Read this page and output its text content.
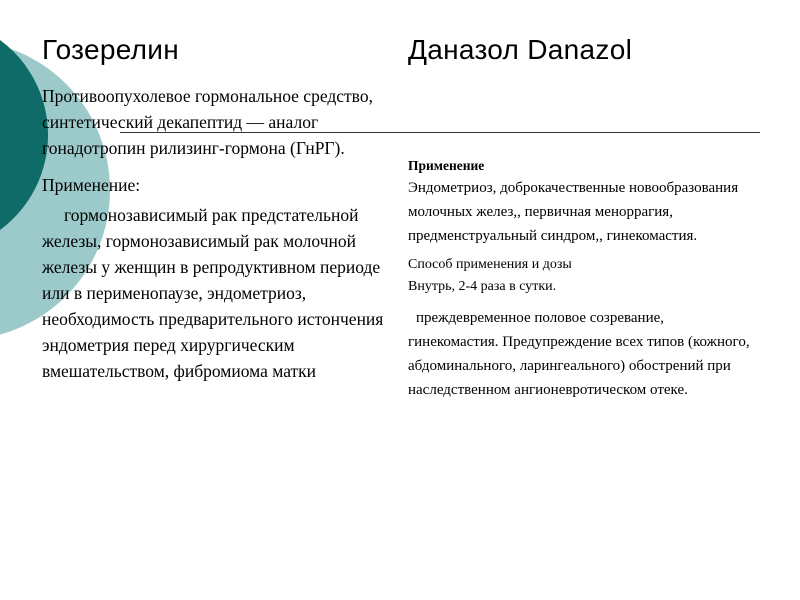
Гозерелин	Даназол Danazol

Противоопухолевое гормональное средство, синтетический декапептид — аналог гонадотропин рилизинг-гормона (ГнРГ).

Применение:

гормонозависимый рак предстательной железы, гормонозависимый рак молочной железы у женщин в репродуктивном периоде или в перименопаузе, эндометриоз, необходимость предварительного истончения эндометрия перед хирургическим вмешательством, фибромиома матки

Применение

Эндометриоз, доброкачественные новообразования молочных желез,, первичная меноррагия, предменструальный синдром,, гинекомастия.

Способ применения и дозы

Внутрь, 2-4 раза в сутки.

преждевременное половое созревание, гинекомастия. Предупреждение всех типов (кожного, абдоминального, ларингеального) обострений при наследственном ангионевротическом отеке.
